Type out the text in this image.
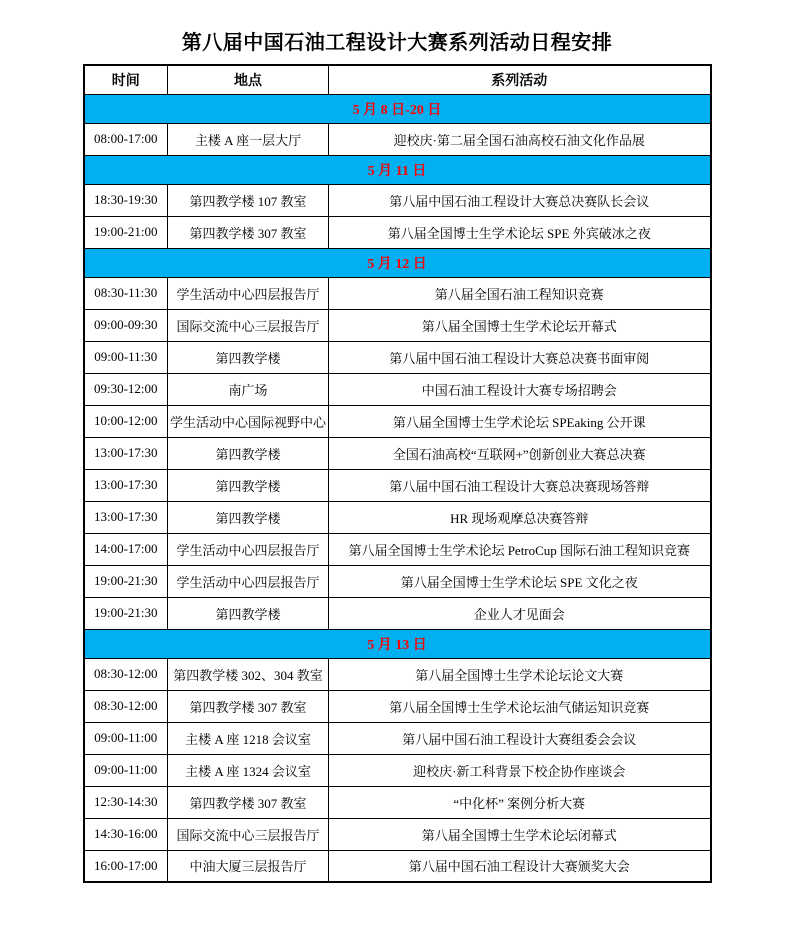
第八届中国石油工程设计大赛系列活动日程安排
时间	地点	系列活动
5 月 8 日-20 日		
08:00-17:00	主楼 A 座一层大厅	迎校庆·第二届全国石油高校石油文化作品展
5 月 11 日		
18:30-19:30	第四教学楼 107 教室	第八届中国石油工程设计大赛总决赛队长会议
19:00-21:00	第四教学楼 307 教室	第八届全国博士生学术论坛 SPE 外宾破冰之夜
5 月 12 日		
08:30-11:30	学生活动中心四层报告厅	第八届全国石油工程知识竞赛
09:00-09:30	国际交流中心三层报告厅	第八届全国博士生学术论坛开幕式
09:00-11:30	第四教学楼	第八届中国石油工程设计大赛总决赛书面审阅
09:30-12:00	南广场	中国石油工程设计大赛专场招聘会
10:00-12:00	学生活动中心国际视野中心	第八届全国博士生学术论坛 SPEaking 公开课
13:00-17:30	第四教学楼	全国石油高校“互联网+”创新创业大赛总决赛
13:00-17:30	第四教学楼	第八届中国石油工程设计大赛总决赛现场答辩
13:00-17:30	第四教学楼	HR 现场观摩总决赛答辩
14:00-17:00	学生活动中心四层报告厅	第八届全国博士生学术论坛 PetroCup 国际石油工程知识竞赛
19:00-21:30	学生活动中心四层报告厅	第八届全国博士生学术论坛 SPE 文化之夜
19:00-21:30	第四教学楼	企业人才见面会
5 月 13 日		
08:30-12:00	第四教学楼 302、304 教室	第八届全国博士生学术论坛论文大赛
08:30-12:00	第四教学楼 307 教室	第八届全国博士生学术论坛油气储运知识竞赛
09:00-11:00	主楼 A 座 1218 会议室	第八届中国石油工程设计大赛组委会会议
09:00-11:00	主楼 A 座 1324 会议室	迎校庆·新工科背景下校企协作座谈会
12:30-14:30	第四教学楼 307 教室	“中化杯” 案例分析大赛
14:30-16:00	国际交流中心三层报告厅	第八届全国博士生学术论坛闭幕式
16:00-17:00	中油大厦三层报告厅	第八届中国石油工程设计大赛颁奖大会
